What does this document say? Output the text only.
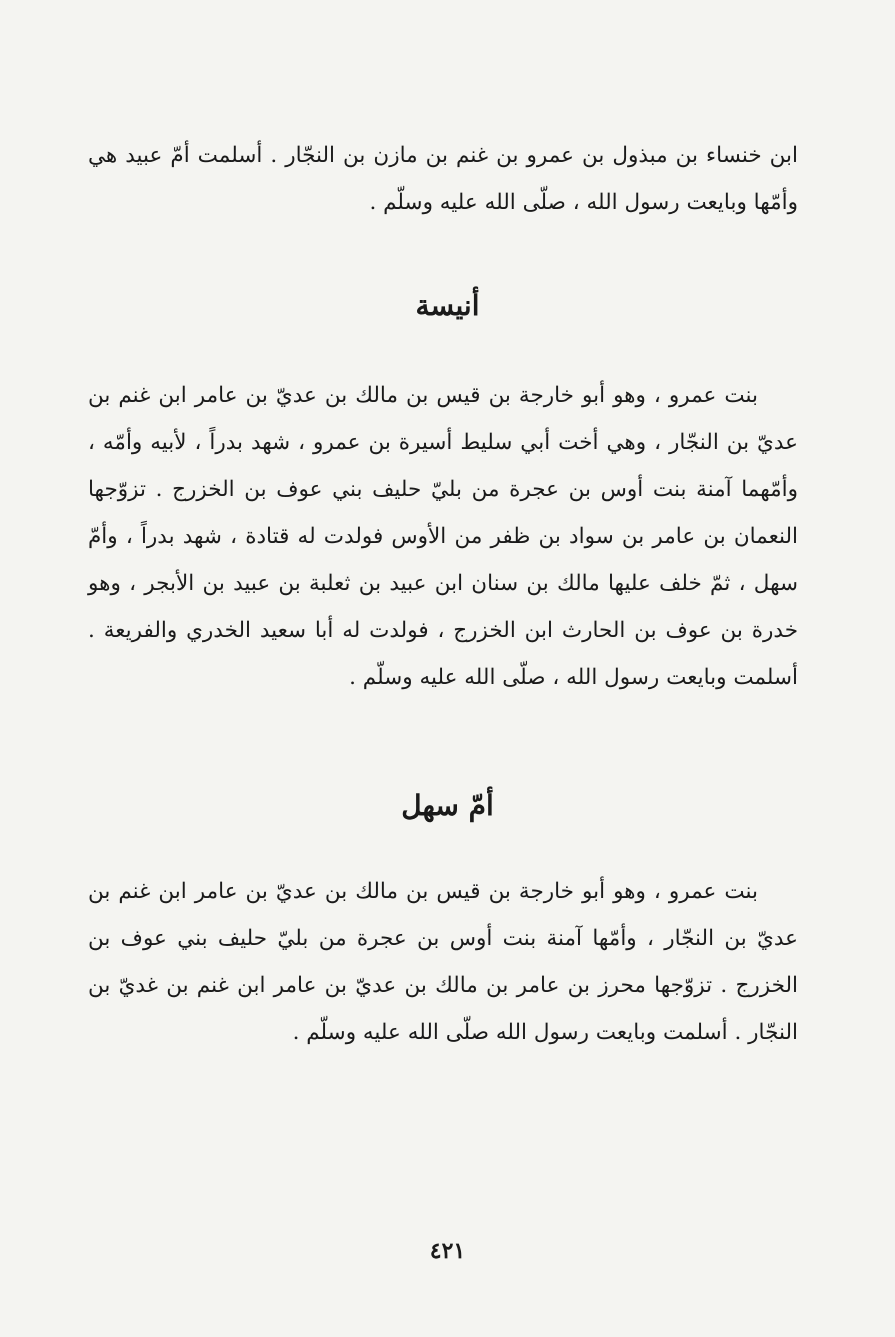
ابن خنساء بن مبذول بن عمرو بن غنم بن مازن بن النجّار . أسلمت أمّ عبيد هي وأمّها وبايعت رسول الله ، صلّى الله عليه وسلّم .

أنيسة

بنت عمرو ، وهو أبو خارجة بن قيس بن مالك بن عديّ بن عامر ابن غنم بن عديّ بن النجّار ، وهي أخت أبي سليط أسيرة بن عمرو ، شهد بدراً ، لأبيه وأمّه ، وأمّهما آمنة بنت أوس بن عجرة من بليّ حليف بني عوف بن الخزرج . تزوّجها النعمان بن عامر بن سواد بن ظفر من الأوس فولدت له قتادة ، شهد بدراً ، وأمّ سهل ، ثمّ خلف عليها مالك بن سنان ابن عبيد بن ثعلبة بن عبيد بن الأبجر ، وهو خدرة بن عوف بن الحارث ابن الخزرج ، فولدت له أبا سعيد الخدري والفريعة . أسلمت وبايعت رسول الله ، صلّى الله عليه وسلّم .

أمّ سهل

بنت عمرو ، وهو أبو خارجة بن قيس بن مالك بن عديّ بن عامر ابن غنم بن عديّ بن النجّار ، وأمّها آمنة بنت أوس بن عجرة من بليّ حليف بني عوف بن الخزرج . تزوّجها محرز بن عامر بن مالك بن عديّ بن عامر ابن غنم بن غديّ بن النجّار . أسلمت وبايعت رسول الله صلّى الله عليه وسلّم .

٤٢١
